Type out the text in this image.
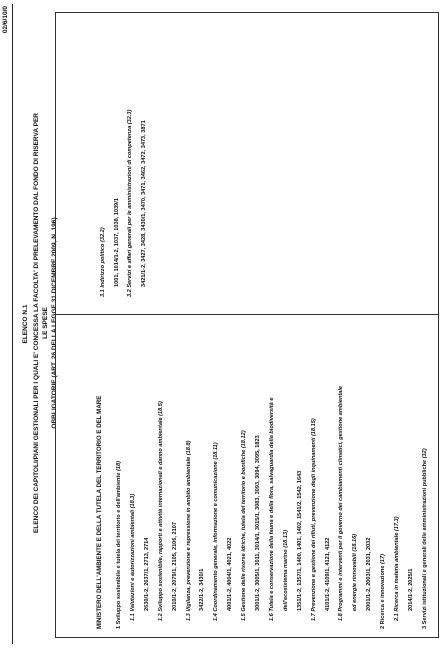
02/6/10/0
ELENCO N.1 ELENCO DEI CAPITOLI/PIANI GESTIONALI PER I QUALI E' CONCESSA LA FACOLTA' DI PRELEVAMENTO DAL FONDO DI RISERVA PER LE SPESE OBBLIGATORIE (ART. 26 DELLA LEGGE 31 DICEMBRE 2009, N. 196)
MINISTERO DELL'AMBIENTE E DELLA TUTELA DEL TERRITORIO E DEL MARE 1 Sviluppo sostenibile e tutela del territorio e dell'ambiente (18)
1.1 Valutazioni e autorizzazioni ambientali (18.3)
2630/1-2, 2637/1, 2713, 2714 1.2 Sviluppo sostenibile, rapporti e attività internazionali e danno ambientale (18.5)
2010/1-2, 2079/1, 2105, 2106, 2107 1.3 Vigilanza, prevenzione e repressione in ambito ambientale (18.8)
3422/1-2, 3430/1 1.4 Coordinamento generale, informazione e comunicazione (18.11)
4001/1-2, 4004/1, 4021, 4022 1.5 Gestione delle risorse idriche, tutela del territorio e bonifiche (18.12) 3001/1-2, 3005/1, 3011, 3014/1, 3015/1, 3083, 3093, 3094, 3095, 1823 1.6 Tutela e conservazione della fauna e della flora, salvaguardia della biodiversità e dell'ecosistema marino (18.13) 1351/1-2, 1357/1, 1400, 1401, 1402, 1541/2, 1542, 1643 1.7 Prevenzione e gestione dei rifiuti, prevenzione degli inquinamenti (18.15)
4101/1-2, 4109/1, 4121, 4122 1.8 Programmi e interventi per il governo dei cambiamenti climatici, gestione ambientale ed energie rinnovabili (18.16) 2001/1-2, 2003/1, 2031, 2032
2 Ricerca e innovazione (17) 2.1 Ricerca in materia ambientale (17.3)
2014/1-2, 2025/1
3 Servizi istituzionali e generali delle amministrazioni pubbliche (32)
3.1 Indirizzo politico (32.2) 1001, 1014/1-2, 1037, 1038, 1039/1 3.2 Servizi e affari generali per le amministrazioni di competenza (32.3)
3421/1-2, 3427, 3428, 3430/1, 3470, 3471, 3462, 3472, 3473, 3871
